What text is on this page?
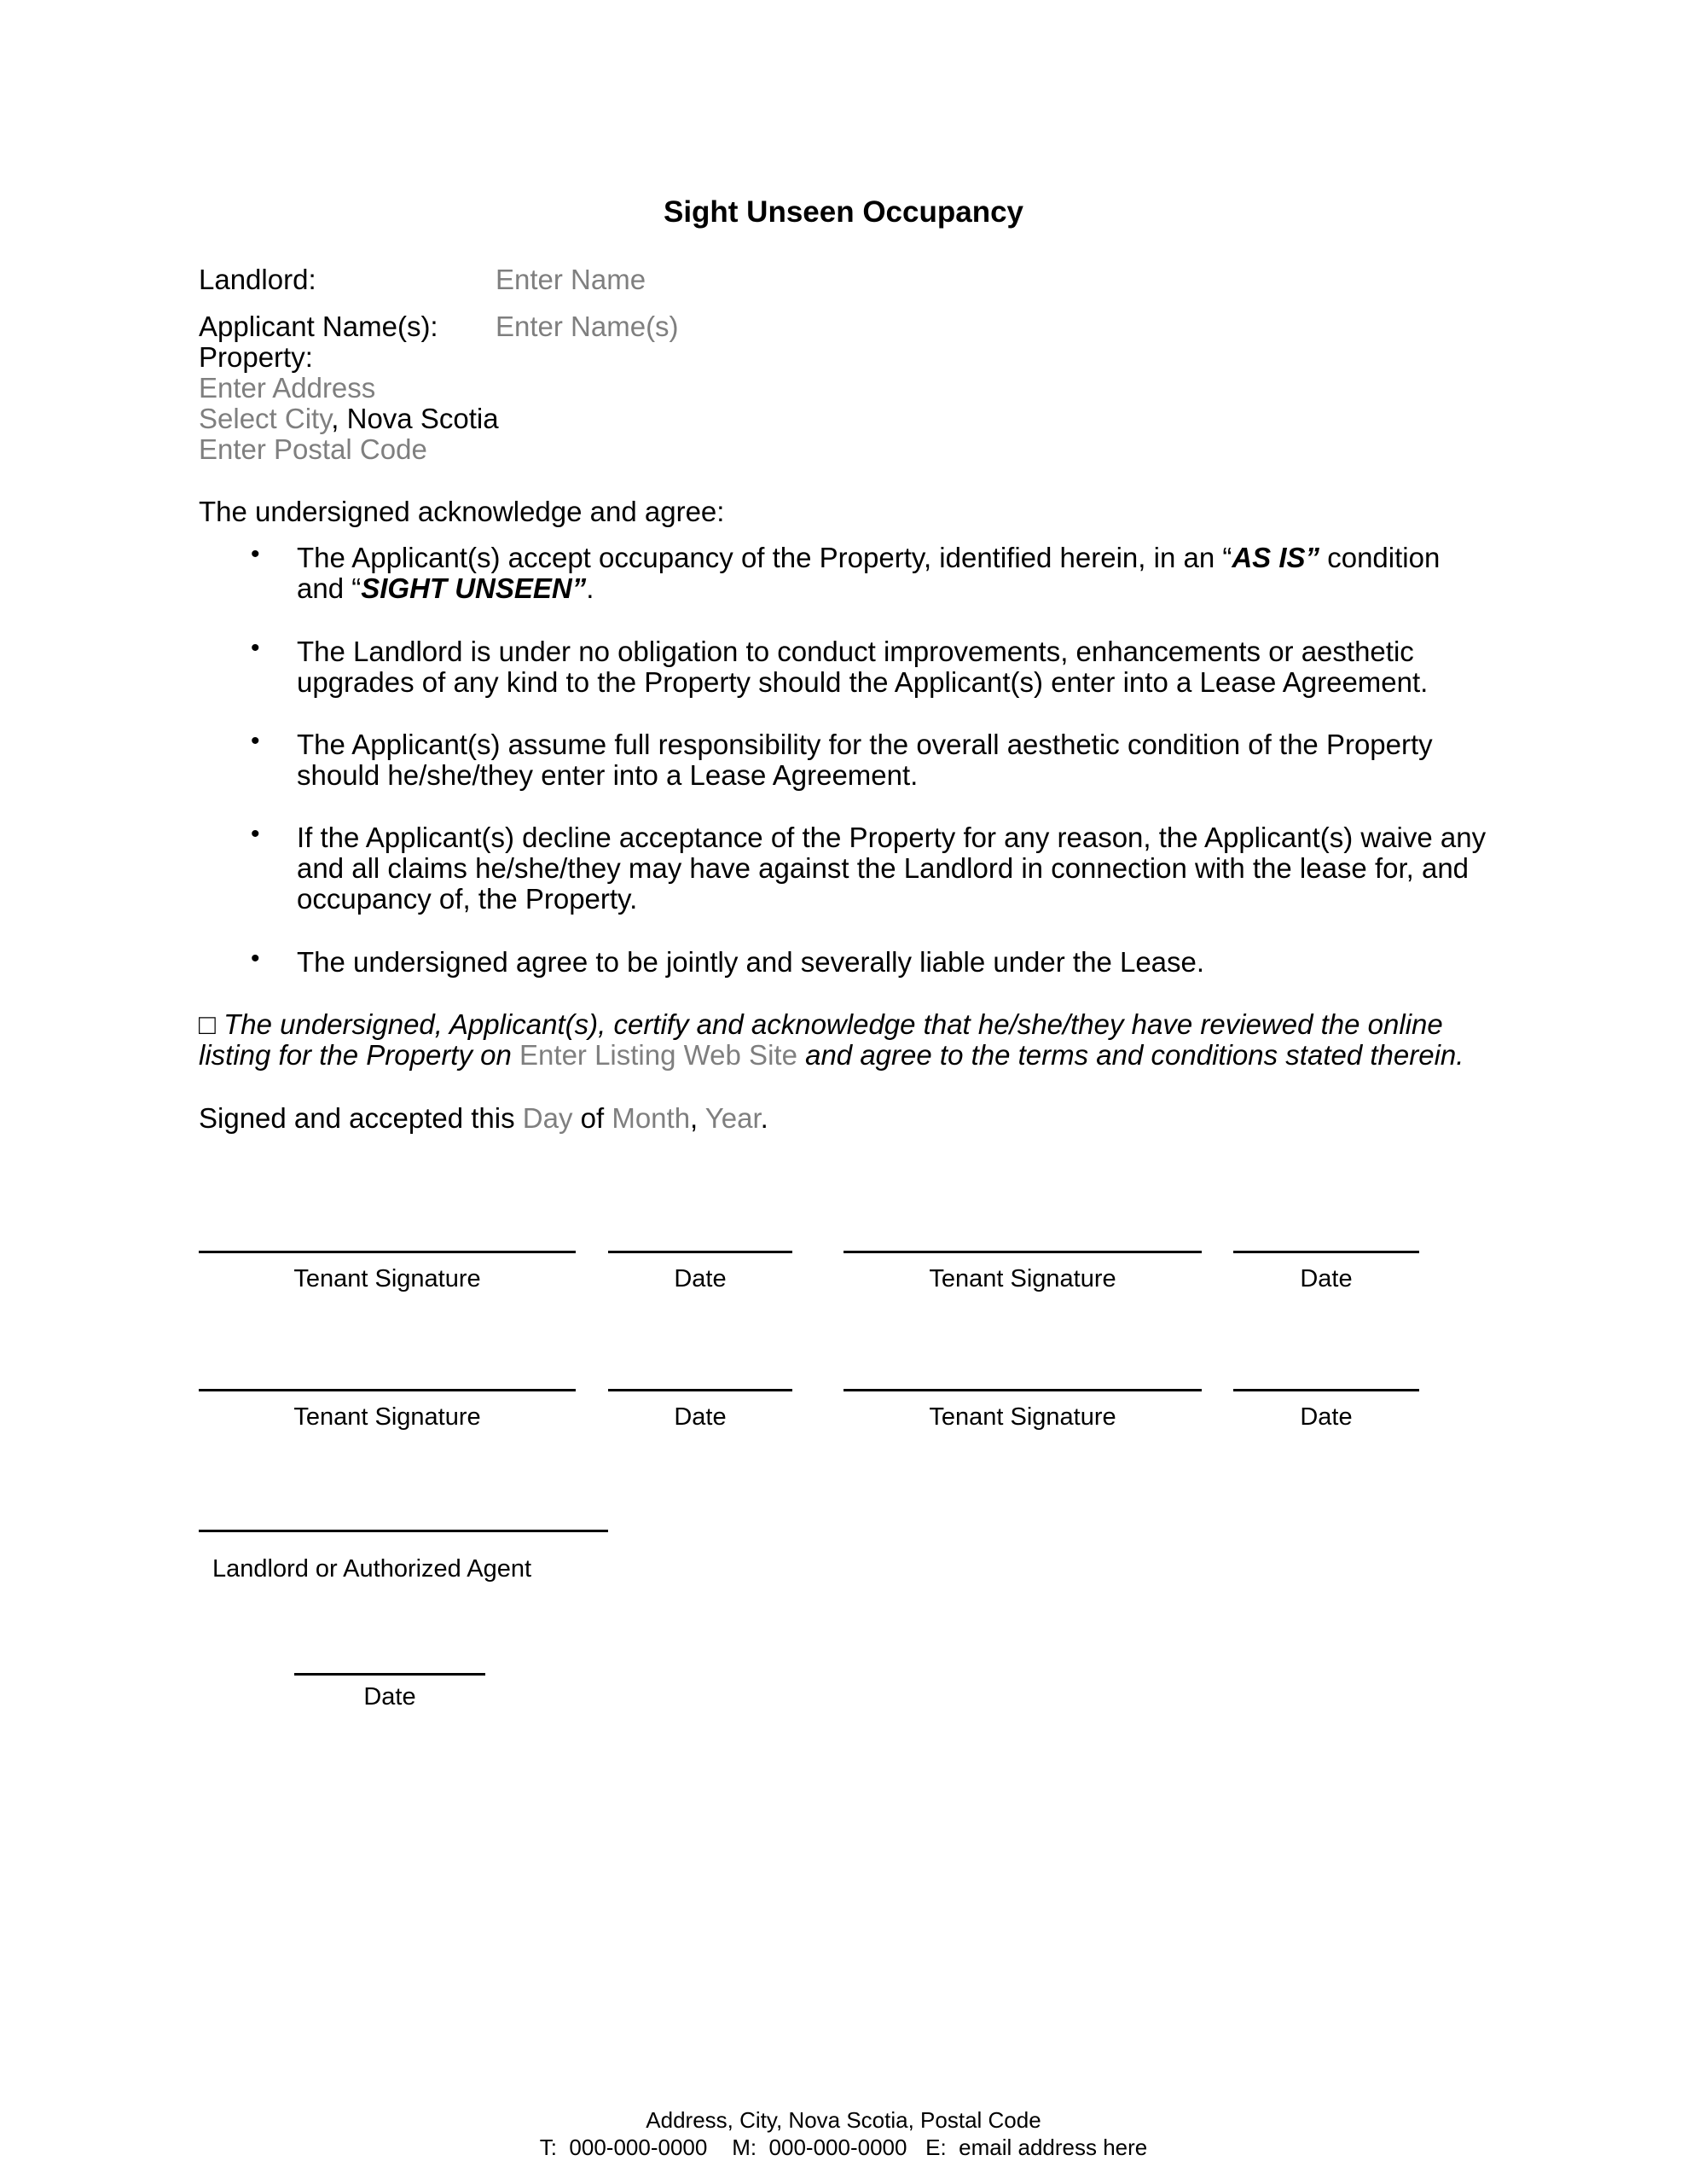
Sight Unseen Occupancy
Landlord:	Enter Name
Applicant Name(s): Enter Name(s)
Property:
Enter Address
Select City, Nova Scotia
Enter Postal Code
The undersigned acknowledge and agree:
• The Applicant(s) accept occupancy of the Property, identified herein, in an “AS IS” condition and “SIGHT UNSEEN”.
• The Landlord is under no obligation to conduct improvements, enhancements or aesthetic upgrades of any kind to the Property should the Applicant(s) enter into a Lease Agreement.
• The Applicant(s) assume full responsibility for the overall aesthetic condition of the Property should he/she/they enter into a Lease Agreement.
• If the Applicant(s) decline acceptance of the Property for any reason, the Applicant(s) waive any and all claims he/she/they may have against the Landlord in connection with the lease for, and occupancy of, the Property.
• The undersigned agree to be jointly and severally liable under the Lease.
□ The undersigned, Applicant(s), certify and acknowledge that he/she/they have reviewed the online listing for the Property on Enter Listing Web Site and agree to the terms and conditions stated therein.
Signed and accepted this Day of Month, Year.
Tenant Signature	Date	Tenant Signature	Date
Tenant Signature	Date	Tenant Signature	Date
Landlord or Authorized Agent
Date
Address, City, Nova Scotia, Postal Code
T:  000-000-0000    M:  000-000-0000   E:  email address here
